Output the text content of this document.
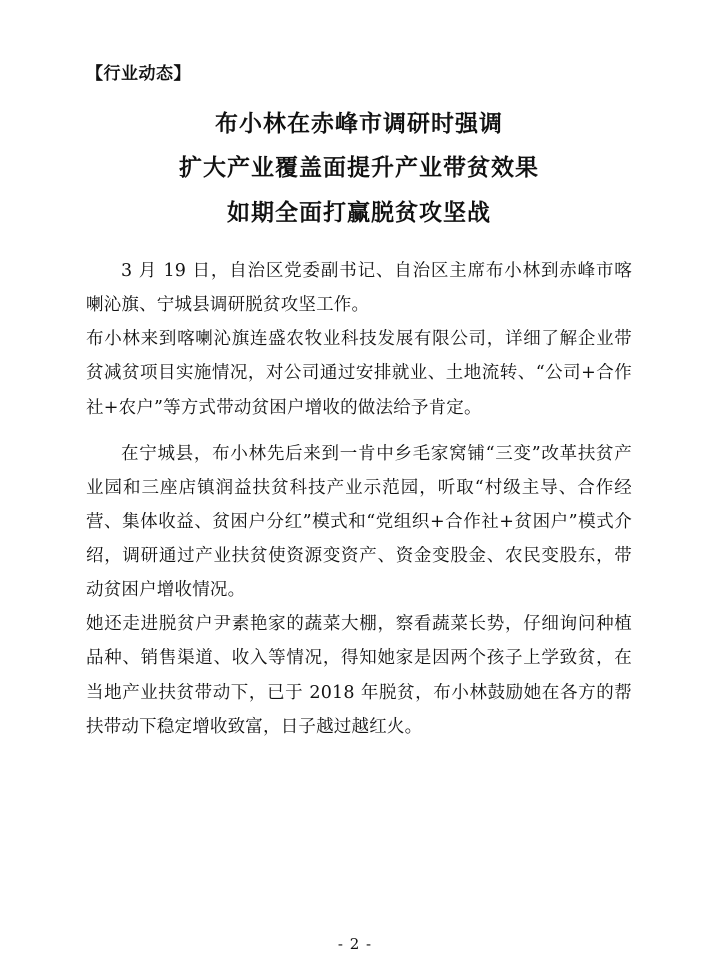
【行业动态】
布小林在赤峰市调研时强调
扩大产业覆盖面提升产业带贫效果
如期全面打赢脱贫攻坚战

3 月 19 日，自治区党委副书记、自治区主席布小林到赤峰市喀喇沁旗、宁城县调研脱贫攻坚工作。

布小林来到喀喇沁旗连盛农牧业科技发展有限公司，详细了解企业带贫减贫项目实施情况，对公司通过安排就业、土地流转、“公司+合作社+农户”等方式带动贫困户增收的做法给予肯定。

在宁城县，布小林先后来到一肯中乡毛家窝铺“三变”改革扶贫产业园和三座店镇润益扶贫科技产业示范园，听取“村级主导、合作经营、集体收益、贫困户分红”模式和“党组织+合作社+贫困户”模式介绍，调研通过产业扶贫使资源变资产、资金变股金、农民变股东，带动贫困户增收情况。

她还走进脱贫户尹素艳家的蔬菜大棚，察看蔬菜长势，仔细询问种植品种、销售渠道、收入等情况，得知她家是因两个孩子上学致贫，在当地产业扶贫带动下，已于 2018 年脱贫，布小林鼓励她在各方的帮扶带动下稳定增收致富，日子越过越红火。

- 2 -
